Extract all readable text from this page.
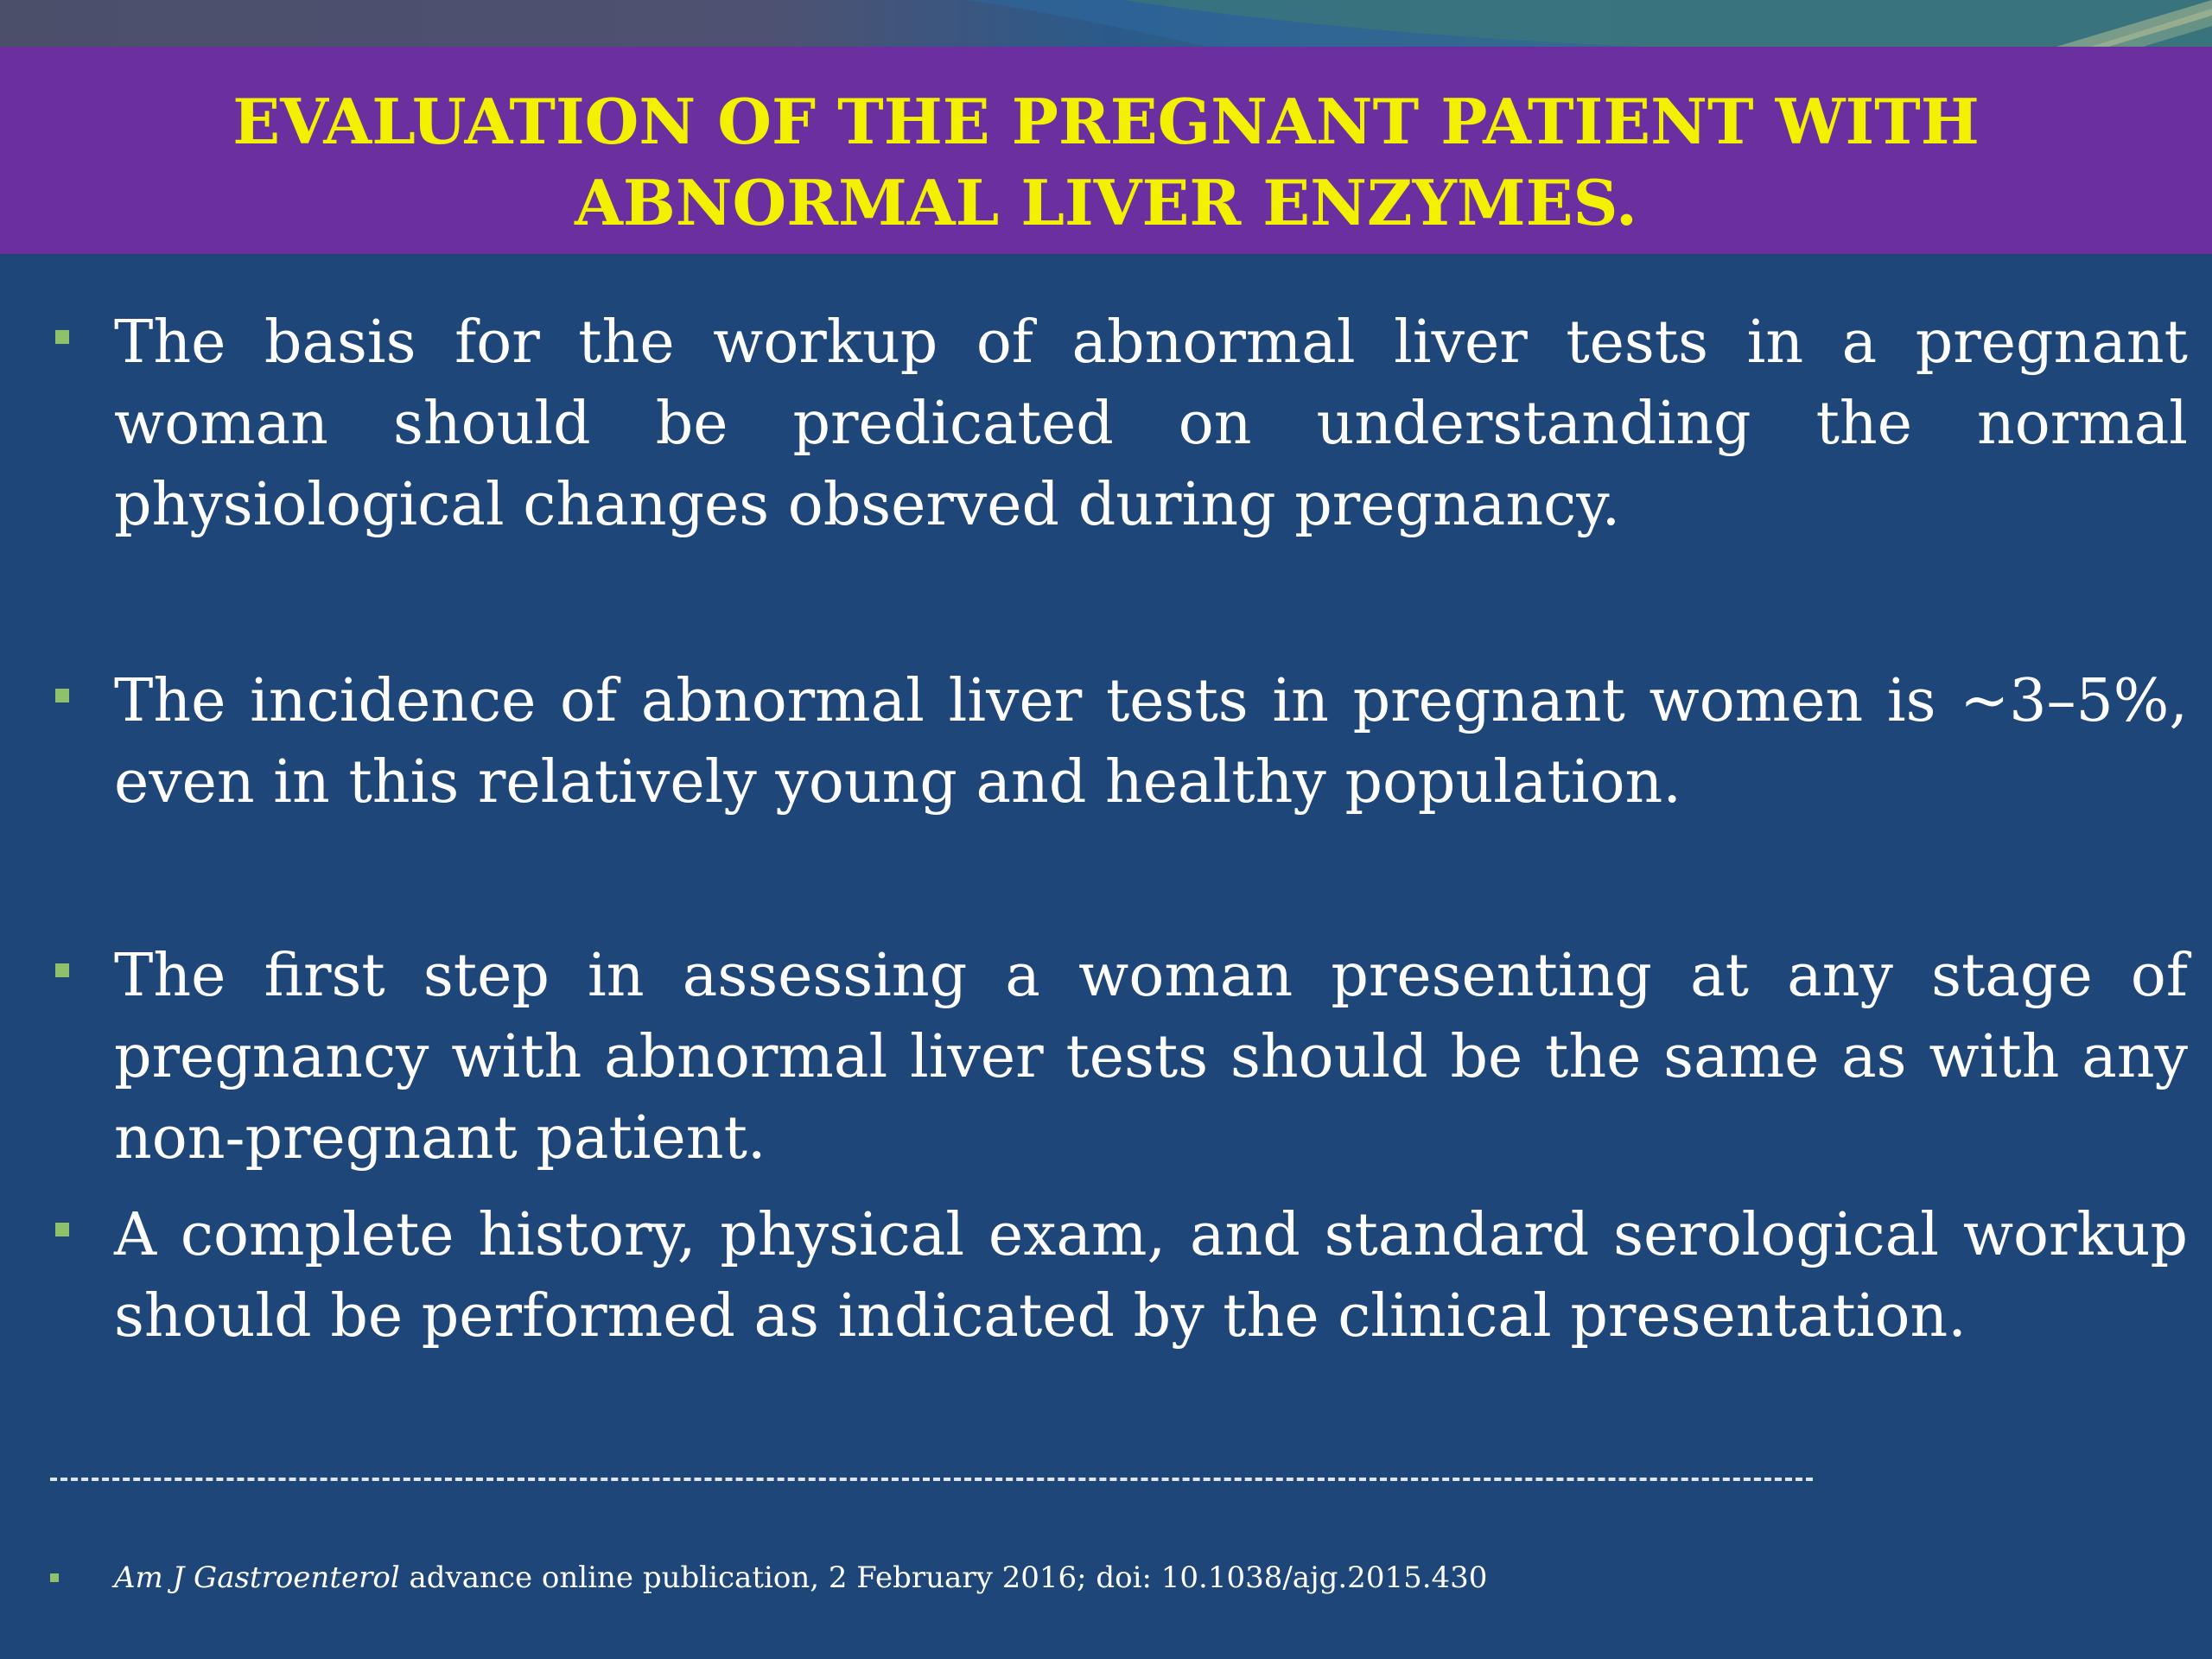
EVALUATION OF THE PREGNANT PATIENT WITH ABNORMAL LIVER ENZYMES.

The basis for the workup of abnormal liver tests in a pregnant woman should be predicated on understanding the normal physiological changes observed during pregnancy.

The incidence of abnormal liver tests in pregnant women is ~3–5%, even in this relatively young and healthy population.

The first step in assessing a woman presenting at any stage of pregnancy with abnormal liver tests should be the same as with any non-pregnant patient.

A complete history, physical exam, and standard serological workup should be performed as indicated by the clinical presentation.

Am J Gastroenterol advance online publication, 2 February 2016; doi: 10.1038/ajg.2015.430
